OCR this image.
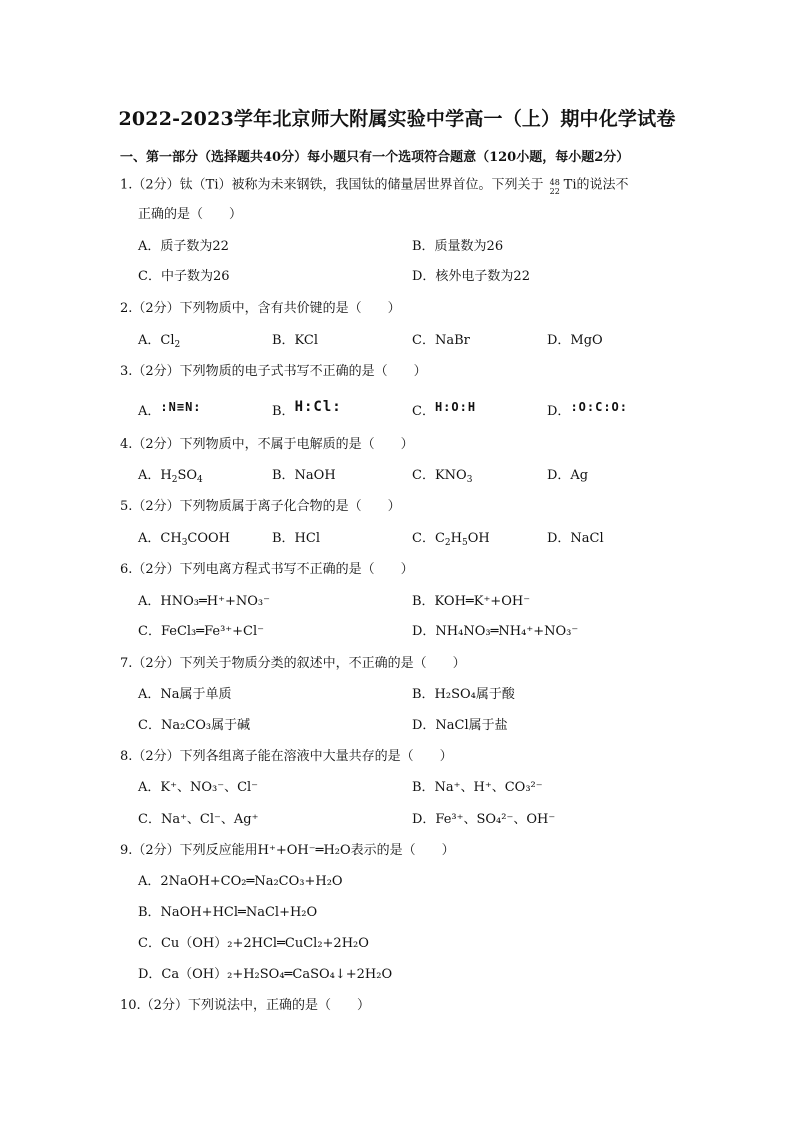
2022-2023学年北京师大附属实验中学高一（上）期中化学试卷
一、第一部分（选择题共40分）每小题只有一个选项符合题意（120小题，每小题2分）
1.（2分）钛（Ti）被称为未来钢铁，我国钛的储量居世界首位。下列关于 48
22 Ti的说法不
正确的是（　　）
A．质子数为22	B．质量数为26
C．中子数为26	D．核外电子数为22
2.（2分）下列物质中，含有共价键的是（　　）
A．$Cl_2$	B．KCl	C．NaBr	D．MgO
3.（2分）下列物质的电子式书写不正确的是（　　）
A．:N≡N:	B．H:Cl:	C．H:O:H	D．:O:C:O:
4.（2分）下列物质中，不属于电解质的是（　　）
A．$H_2SO_4$	B．NaOH	C．$KNO_3$	D．Ag
5.（2分）下列物质属于离子化合物的是（　　）
A．$CH_3COOH$	B．HCl	C．$C_2H_5OH$	D．NaCl
6.（2分）下列电离方程式书写不正确的是（　　）
A．HNO₃═H⁺+NO₃⁻	B．KOH═K⁺+OH⁻
C．FeCl₃═Fe³⁺+Cl⁻	D．NH₄NO₃═NH₄⁺+NO₃⁻
7.（2分）下列关于物质分类的叙述中，不正确的是（　　）
A．Na属于单质	B．H₂SO₄属于酸
C．Na₂CO₃属于碱	D．NaCl属于盐
8.（2分）下列各组离子能在溶液中大量共存的是（　　）
A．K⁺、NO₃⁻、Cl⁻	B．Na⁺、H⁺、CO₃²⁻
C．Na⁺、Cl⁻、Ag⁺	D．Fe³⁺、SO₄²⁻、OH⁻
9.（2分）下列反应能用H⁺+OH⁻═H₂O表示的是（　　）
A．2NaOH+CO₂═Na₂CO₃+H₂O
B．NaOH+HCl═NaCl+H₂O
C．Cu（OH）₂+2HCl═CuCl₂+2H₂O
D．Ca（OH）₂+H₂SO₄═CaSO₄↓+2H₂O
10.（2分）下列说法中，正确的是（　　）
